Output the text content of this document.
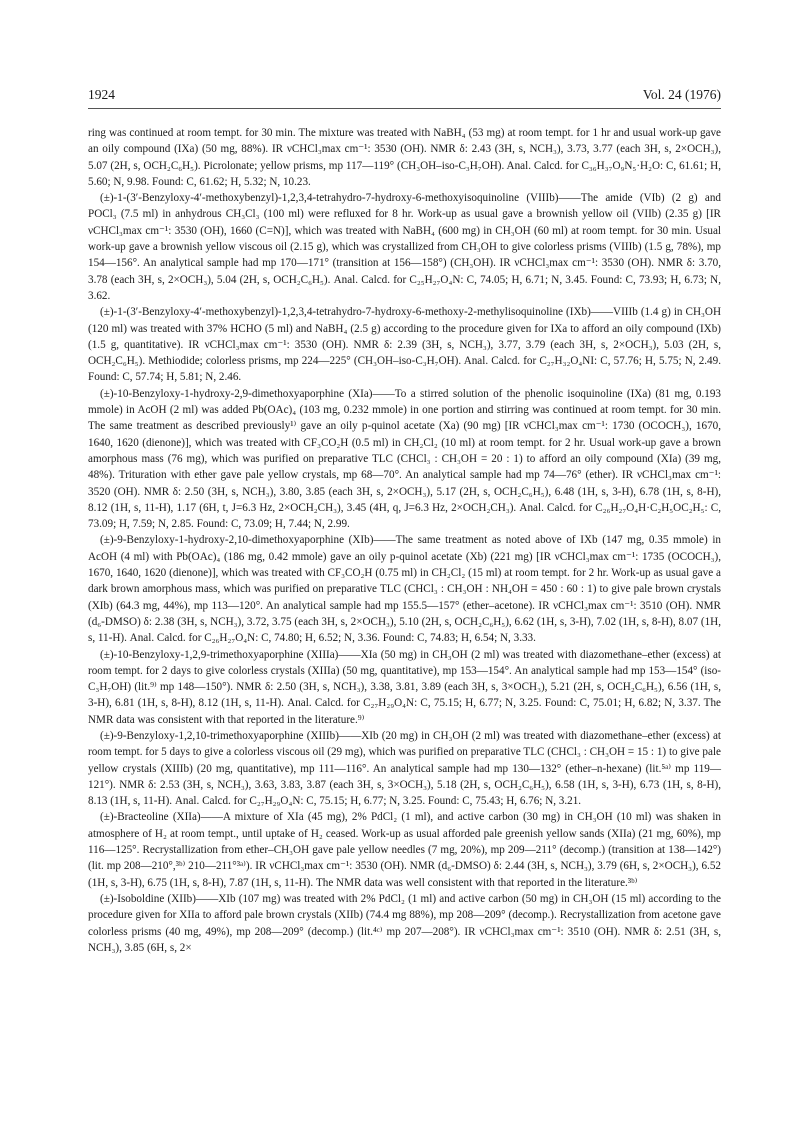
1924	Vol. 24 (1976)

ring was continued at room tempt. for 30 min. The mixture was treated with NaBH₄ (53 mg) at room tempt. for 1 hr and usual work-up gave an oily compound (IXa) (50 mg, 88%). IR νCHCl₃max cm⁻¹: 3530 (OH). NMR δ: 2.43 (3H, s, NCH₃), 3.73, 3.77 (each 3H, s, 2×OCH₃), 5.07 (2H, s, OCH₂C₆H₅). Picrolonate; yellow prisms, mp 117—119° (CH₃OH–iso-C₃H₇OH). Anal. Calcd. for C₃₆H₃₇O₉N₅·H₂O: C, 61.61; H, 5.60; N, 9.98. Found: C, 61.62; H, 5.32; N, 10.23.

(±)-1-(3′-Benzyloxy-4′-methoxybenzyl)-1,2,3,4-tetrahydro-7-hydroxy-6-methoxyisoquinoline (VIIIb)——The amide (VIb) (2 g) and POCl₃ (7.5 ml) in anhydrous CH₃Cl₃ (100 ml) were refluxed for 8 hr. Work-up as usual gave a brownish yellow oil (VIIb) (2.35 g) [IR νCHCl₃max cm⁻¹: 3530 (OH), 1660 (C=N)], which was treated with NaBH₄ (600 mg) in CH₃OH (60 ml) at room tempt. for 30 min. Usual work-up gave a brownish yellow viscous oil (2.15 g), which was crystallized from CH₃OH to give colorless prisms (VIIIb) (1.5 g, 78%), mp 154—156°. An analytical sample had mp 170—171° (transition at 156—158°) (CH₃OH). IR νCHCl₃max cm⁻¹: 3530 (OH). NMR δ: 3.70, 3.78 (each 3H, s, 2×OCH₃), 5.04 (2H, s, OCH₂C₆H₅). Anal. Calcd. for C₂₅H₂₇O₄N: C, 74.05; H, 6.71; N, 3.45. Found: C, 73.93; H, 6.73; N, 3.62.

(±)-1-(3′-Benzyloxy-4′-methoxybenzyl)-1,2,3,4-tetrahydro-7-hydroxy-6-methoxy-2-methylisoquinoline (IXb)——VIIIb (1.4 g) in CH₃OH (120 ml) was treated with 37% HCHO (5 ml) and NaBH₄ (2.5 g) according to the procedure given for IXa to afford an oily compound (IXb) (1.5 g, quantitative). IR νCHCl₃max cm⁻¹: 3530 (OH). NMR δ: 2.39 (3H, s, NCH₃), 3.77, 3.79 (each 3H, s, 2×OCH₃), 5.03 (2H, s, OCH₂C₆H₅). Methiodide; colorless prisms, mp 224—225° (CH₃OH–iso-C₃H₇OH). Anal. Calcd. for C₂₇H₃₂O₄NI: C, 57.76; H, 5.75; N, 2.49. Found: C, 57.74; H, 5.81; N, 2.46.

(±)-10-Benzyloxy-1-hydroxy-2,9-dimethoxyaporphine (XIa)——To a stirred solution of the phenolic isoquinoline (IXa) (81 mg, 0.193 mmole) in AcOH (2 ml) was added Pb(OAc)₄ (103 mg, 0.232 mmole) in one portion and stirring was continued at room tempt. for 30 min. The same treatment as described previously¹⁾ gave an oily p-quinol acetate (Xa) (90 mg) [IR νCHCl₃max cm⁻¹: 1730 (OCOCH₃), 1670, 1640, 1620 (dienone)], which was treated with CF₃CO₂H (0.5 ml) in CH₂Cl₂ (10 ml) at room tempt. for 2 hr. Usual work-up gave a brown amorphous mass (76 mg), which was purified on preparative TLC (CHCl₃ : CH₃OH = 20 : 1) to afford an oily compound (XIa) (39 mg, 48%). Trituration with ether gave pale yellow crystals, mp 68—70°. An analytical sample had mp 74—76° (ether). IR νCHCl₃max cm⁻¹: 3520 (OH). NMR δ: 2.50 (3H, s, NCH₃), 3.80, 3.85 (each 3H, s, 2×OCH₃), 5.17 (2H, s, OCH₂C₆H₅), 6.48 (1H, s, 3-H), 6.78 (1H, s, 8-H), 8.12 (1H, s, 11-H), 1.17 (6H, t, J=6.3 Hz, 2×OCH₂CH₃), 3.45 (4H, q, J=6.3 Hz, 2×OCH₂CH₃). Anal. Calcd. for C₂₆H₂₇O₄H·C₂H₅OC₂H₅: C, 73.09; H, 7.59; N, 2.85. Found: C, 73.09; H, 7.44; N, 2.99.

(±)-9-Benzyloxy-1-hydroxy-2,10-dimethoxyaporphine (XIb)——The same treatment as noted above of IXb (147 mg, 0.35 mmole) in AcOH (4 ml) with Pb(OAc)₄ (186 mg, 0.42 mmole) gave an oily p-quinol acetate (Xb) (221 mg) [IR νCHCl₃max cm⁻¹: 1735 (OCOCH₃), 1670, 1640, 1620 (dienone)], which was treated with CF₃CO₂H (0.75 ml) in CH₂Cl₂ (15 ml) at room tempt. for 2 hr. Work-up as usual gave a dark brown amorphous mass, which was purified on preparative TLC (CHCl₃ : CH₃OH : NH₄OH = 450 : 60 : 1) to give pale brown crystals (XIb) (64.3 mg, 44%), mp 113—120°. An analytical sample had mp 155.5—157° (ether–acetone). IR νCHCl₃max cm⁻¹: 3510 (OH). NMR (d₆-DMSO) δ: 2.38 (3H, s, NCH₃), 3.72, 3.75 (each 3H, s, 2×OCH₃), 5.10 (2H, s, OCH₂C₆H₅), 6.62 (1H, s, 3-H), 7.02 (1H, s, 8-H), 8.07 (1H, s, 11-H). Anal. Calcd. for C₂₆H₂₇O₄N: C, 74.80; H, 6.52; N, 3.36. Found: C, 74.83; H, 6.54; N, 3.33.

(±)-10-Benzyloxy-1,2,9-trimethoxyaporphine (XIIIa)——XIa (50 mg) in CH₃OH (2 ml) was treated with diazomethane–ether (excess) at room tempt. for 2 days to give colorless crystals (XIIIa) (50 mg, quantitative), mp 153—154°. An analytical sample had mp 153—154° (iso-C₃H₇OH) (lit.⁹⁾ mp 148—150°). NMR δ: 2.50 (3H, s, NCH₃), 3.38, 3.81, 3.89 (each 3H, s, 3×OCH₃), 5.21 (2H, s, OCH₂C₆H₅), 6.56 (1H, s, 3-H), 6.81 (1H, s, 8-H), 8.12 (1H, s, 11-H). Anal. Calcd. for C₂₇H₂₉O₄N: C, 75.15; H, 6.77; N, 3.25. Found: C, 75.01; H, 6.82; N, 3.37. The NMR data was consistent with that reported in the literature.⁹⁾

(±)-9-Benzyloxy-1,2,10-trimethoxyaporphine (XIIIb)——XIb (20 mg) in CH₃OH (2 ml) was treated with diazomethane–ether (excess) at room tempt. for 5 days to give a colorless viscous oil (29 mg), which was purified on preparative TLC (CHCl₃ : CH₃OH = 15 : 1) to give pale yellow crystals (XIIIb) (20 mg, quantitative), mp 111—116°. An analytical sample had mp 130—132° (ether–n-hexane) (lit.⁵ᵃ⁾ mp 119—121°). NMR δ: 2.53 (3H, s, NCH₃), 3.63, 3.83, 3.87 (each 3H, s, 3×OCH₃), 5.18 (2H, s, OCH₂C₆H₅), 6.58 (1H, s, 3-H), 6.73 (1H, s, 8-H), 8.13 (1H, s, 11-H). Anal. Calcd. for C₂₇H₂₉O₄N: C, 75.15; H, 6.77; N, 3.25. Found: C, 75.43; H, 6.76; N, 3.21.

(±)-Bracteoline (XIIa)——A mixture of XIa (45 mg), 2% PdCl₂ (1 ml), and active carbon (30 mg) in CH₃OH (10 ml) was shaken in atmosphere of H₂ at room tempt., until uptake of H₂ ceased. Work-up as usual afforded pale greenish yellow sands (XIIa) (21 mg, 60%), mp 116—125°. Recrystallization from ether–CH₃OH gave pale yellow needles (7 mg, 20%), mp 209—211° (decomp.) (transition at 138—142°) (lit. mp 208—210°,³ᵇ⁾ 210—211°³ᵃ⁾). IR νCHCl₃max cm⁻¹: 3530 (OH). NMR (d₆-DMSO) δ: 2.44 (3H, s, NCH₃), 3.79 (6H, s, 2×OCH₃), 6.52 (1H, s, 3-H), 6.75 (1H, s, 8-H), 7.87 (1H, s, 11-H). The NMR data was well consistent with that reported in the literature.³ᵇ⁾

(±)-Isoboldine (XIIb)——XIb (107 mg) was treated with 2% PdCl₂ (1 ml) and active carbon (50 mg) in CH₃OH (15 ml) according to the procedure given for XIIa to afford pale brown crystals (XIIb) (74.4 mg 88%), mp 208—209° (decomp.). Recrystallization from acetone gave colorless prisms (40 mg, 49%), mp 208—209° (decomp.) (lit.⁴ᶜ⁾ mp 207—208°). IR νCHCl₃max cm⁻¹: 3510 (OH). NMR δ: 2.51 (3H, s, NCH₃), 3.85 (6H, s, 2×
